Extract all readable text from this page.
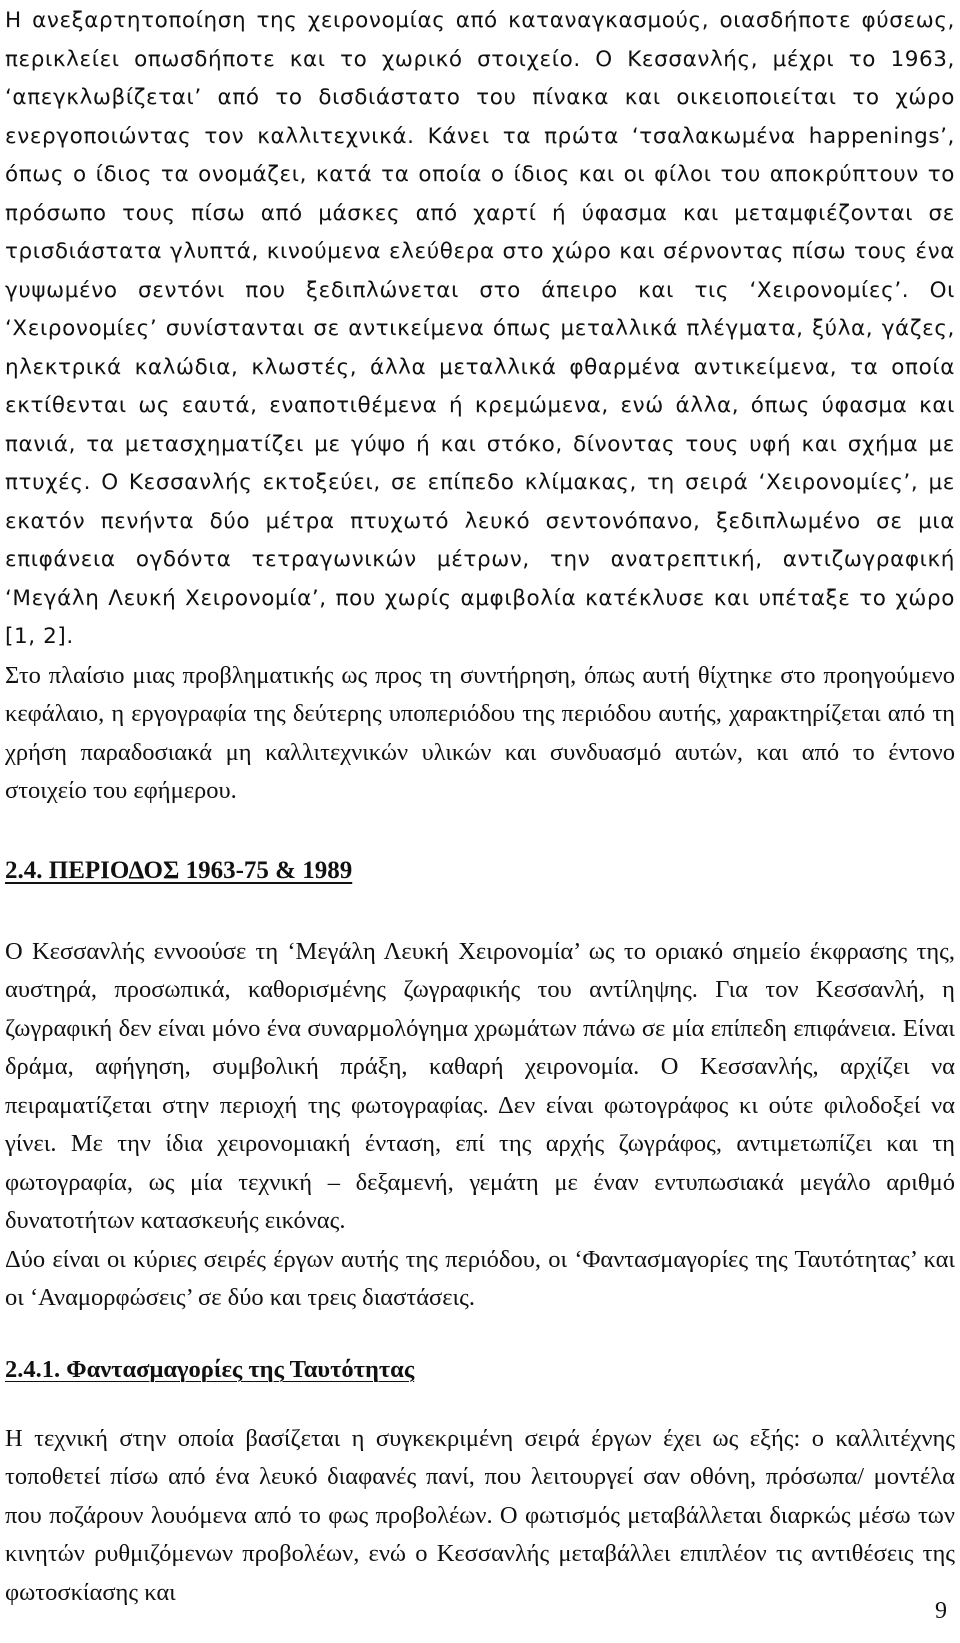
Η ανεξαρτητοποίηση της χειρονομίας από καταναγκασμούς, οιασδήποτε φύσεως, περικλείει οπωσδήποτε και το χωρικό στοιχείο. Ο Κεσσανλής, μέχρι το 1963, ‘απεγκλωβίζεται’ από το δισδιάστατο του πίνακα και οικειοποιείται το χώρο ενεργοποιώντας τον καλλιτεχνικά. Κάνει τα πρώτα ‘τσαλακωμένα happenings’, όπως ο ίδιος τα ονομάζει, κατά τα οποία ο ίδιος και οι φίλοι του αποκρύπτουν το πρόσωπο τους πίσω από μάσκες από χαρτί ή ύφασμα και μεταμφιέζονται σε τρισδιάστατα γλυπτά, κινούμενα ελεύθερα στο χώρο και σέρνοντας πίσω τους ένα γυψωμένο σεντόνι που ξεδιπλώνεται στο άπειρο και τις ‘Χειρονομίες’. Οι ‘Χειρονομίες’ συνίστανται σε αντικείμενα όπως μεταλλικά πλέγματα, ξύλα, γάζες, ηλεκτρικά καλώδια, κλωστές, άλλα μεταλλικά φθαρμένα αντικείμενα, τα οποία εκτίθενται ως εαυτά, εναποτιθέμενα ή κρεμώμενα, ενώ άλλα, όπως ύφασμα και πανιά, τα μετασχηματίζει με γύψο ή και στόκο, δίνοντας τους υφή και σχήμα με πτυχές. Ο Κεσσανλής εκτοξεύει, σε επίπεδο κλίμακας, τη σειρά ‘Χειρονομίες’, με εκατόν πενήντα δύο μέτρα πτυχωτό λευκό σεντονόπανο, ξεδιπλωμένο σε μια επιφάνεια ογδόντα τετραγωνικών μέτρων, την ανατρεπτική, αντιζωγραφική ‘Μεγάλη Λευκή Χειρονομία’, που χωρίς αμφιβολία κατέκλυσε και υπέταξε το χώρο [1, 2].

Στο πλαίσιο μιας προβληματικής ως προς τη συντήρηση, όπως αυτή θίχτηκε στο προηγούμενο κεφάλαιο, η εργογραφία της δεύτερης υποπεριόδου της περιόδου αυτής, χαρακτηρίζεται από τη χρήση παραδοσιακά μη καλλιτεχνικών υλικών και συνδυασμό αυτών, και από το έντονο στοιχείο του εφήμερου.

2.4. ΠΕΡΙΟΔΟΣ 1963-75 & 1989

Ο Κεσσανλής εννοούσε τη ‘Μεγάλη Λευκή Χειρονομία’ ως το οριακό σημείο έκφρασης της, αυστηρά, προσωπικά, καθορισμένης ζωγραφικής του αντίληψης. Για τον Κεσσανλή, η ζωγραφική δεν είναι μόνο ένα συναρμολόγημα χρωμάτων πάνω σε μία επίπεδη επιφάνεια. Είναι δράμα, αφήγηση, συμβολική πράξη, καθαρή χειρονομία. Ο Κεσσανλής, αρχίζει να πειραματίζεται στην περιοχή της φωτογραφίας. Δεν είναι φωτογράφος κι ούτε φιλοδοξεί να γίνει. Με την ίδια χειρονομιακή ένταση, επί της αρχής ζωγράφος, αντιμετωπίζει και τη φωτογραφία, ως μία τεχνική – δεξαμενή, γεμάτη με έναν εντυπωσιακά μεγάλο αριθμό δυνατοτήτων κατασκευής εικόνας.

Δύο είναι οι κύριες σειρές έργων αυτής της περιόδου, οι ‘Φαντασμαγορίες της Ταυτότητας’ και οι ‘Αναμορφώσεις’ σε δύο και τρεις διαστάσεις.

2.4.1. Φαντασμαγορίες της Ταυτότητας

Η τεχνική στην οποία βασίζεται η συγκεκριμένη σειρά έργων έχει ως εξής: ο καλλιτέχνης τοποθετεί πίσω από ένα λευκό διαφανές πανί, που λειτουργεί σαν οθόνη, πρόσωπα/ μοντέλα που ποζάρουν λουόμενα από το φως προβολέων. Ο φωτισμός μεταβάλλεται διαρκώς μέσω των κινητών ρυθμιζόμενων προβολέων, ενώ ο Κεσσανλής μεταβάλλει επιπλέον τις αντιθέσεις της φωτοσκίασης και

9
